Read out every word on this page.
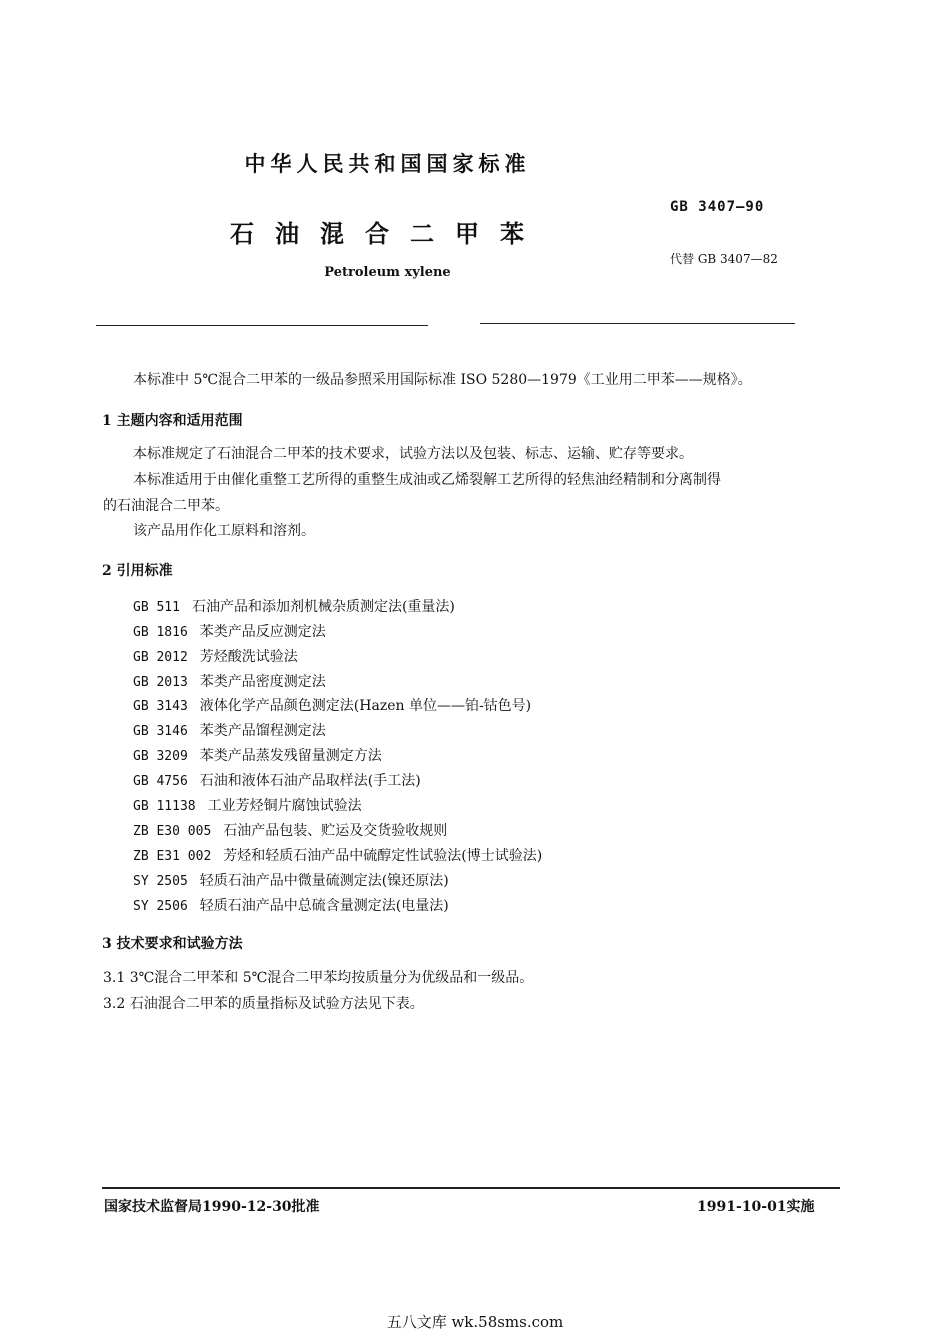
中华人民共和国国家标准
石油混合二甲苯
Petroleum xylene
GB 3407—90
代替 GB 3407—82
本标准中 5℃混合二甲苯的一级品参照采用国际标准 ISO 5280—1979《工业用二甲苯——规格》。
1 主题内容和适用范围
本标准规定了石油混合二甲苯的技术要求，试验方法以及包装、标志、运输、贮存等要求。
本标准适用于由催化重整工艺所得的重整生成油或乙烯裂解工艺所得的轻焦油经精制和分离制得
的石油混合二甲苯。
该产品用作化工原料和溶剂。
2 引用标准
GB 511 石油产品和添加剂机械杂质测定法(重量法)
GB 1816 苯类产品反应测定法
GB 2012 芳烃酸洗试验法
GB 2013 苯类产品密度测定法
GB 3143 液体化学产品颜色测定法(Hazen 单位——铂-钴色号)
GB 3146 苯类产品馏程测定法
GB 3209 苯类产品蒸发残留量测定方法
GB 4756 石油和液体石油产品取样法(手工法)
GB 11138 工业芳烃铜片腐蚀试验法
ZB E30 005 石油产品包装、贮运及交货验收规则
ZB E31 002 芳烃和轻质石油产品中硫醇定性试验法(博士试验法)
SY 2505 轻质石油产品中微量硫测定法(镍还原法)
SY 2506 轻质石油产品中总硫含量测定法(电量法)
3 技术要求和试验方法
3.1 3℃混合二甲苯和 5℃混合二甲苯均按质量分为优级品和一级品。
3.2 石油混合二甲苯的质量指标及试验方法见下表。
国家技术监督局1990-12-30批准	1991-10-01实施
五八文库 wk.58sms.com
